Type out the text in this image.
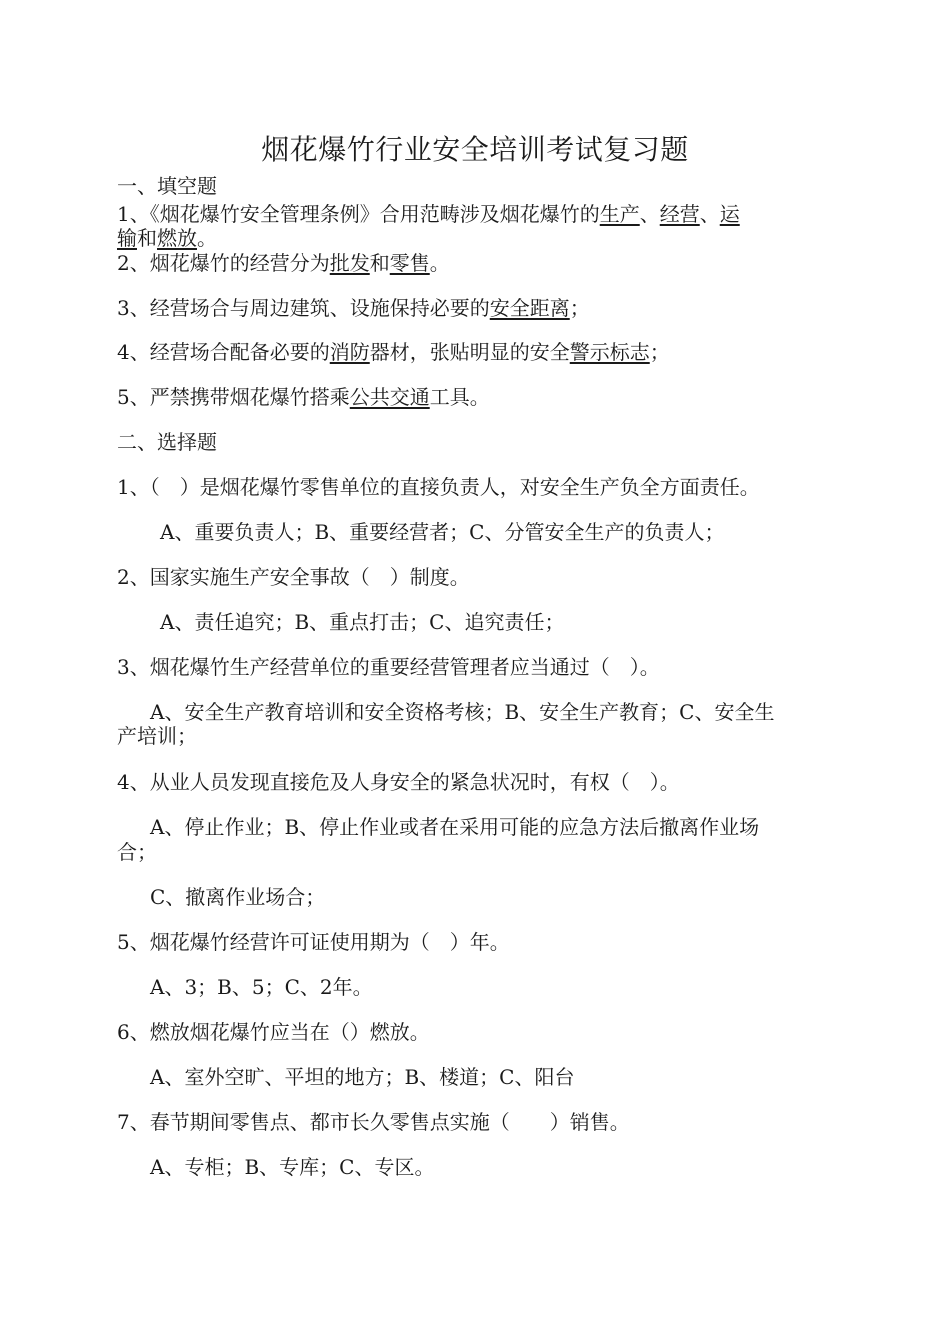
烟花爆竹行业安全培训考试复习题
一、填空题
1、《烟花爆竹安全管理条例》合用范畴涉及烟花爆竹的生产、经营、运
输和燃放。
2、烟花爆竹的经营分为批发和零售。
3、经营场合与周边建筑、设施保持必要的安全距离；
4、经营场合配备必要的消防器材，张贴明显的安全警示标志；
5、严禁携带烟花爆竹搭乘公共交通工具。
二、选择题
1、（　）是烟花爆竹零售单位的直接负责人，对安全生产负全方面责任。
A、重要负责人；B、重要经营者；C、分管安全生产的负责人；
2、国家实施生产安全事故（　）制度。
A、责任追究；B、重点打击；C、追究责任；
3、烟花爆竹生产经营单位的重要经营管理者应当通过（　）。
A、安全生产教育培训和安全资格考核；B、安全生产教育；C、安全生
产培训；
4、从业人员发现直接危及人身安全的紧急状况时，有权（　）。
A、停止作业；B、停止作业或者在采用可能的应急方法后撤离作业场
合；
C、撤离作业场合；
5、烟花爆竹经营许可证使用期为（　）年。
A、3；B、5；C、2年。
6、燃放烟花爆竹应当在（）燃放。
A、室外空旷、平坦的地方；B、楼道；C、阳台
7、春节期间零售点、都市长久零售点实施（　　）销售。
A、专柜；B、专库；C、专区。
